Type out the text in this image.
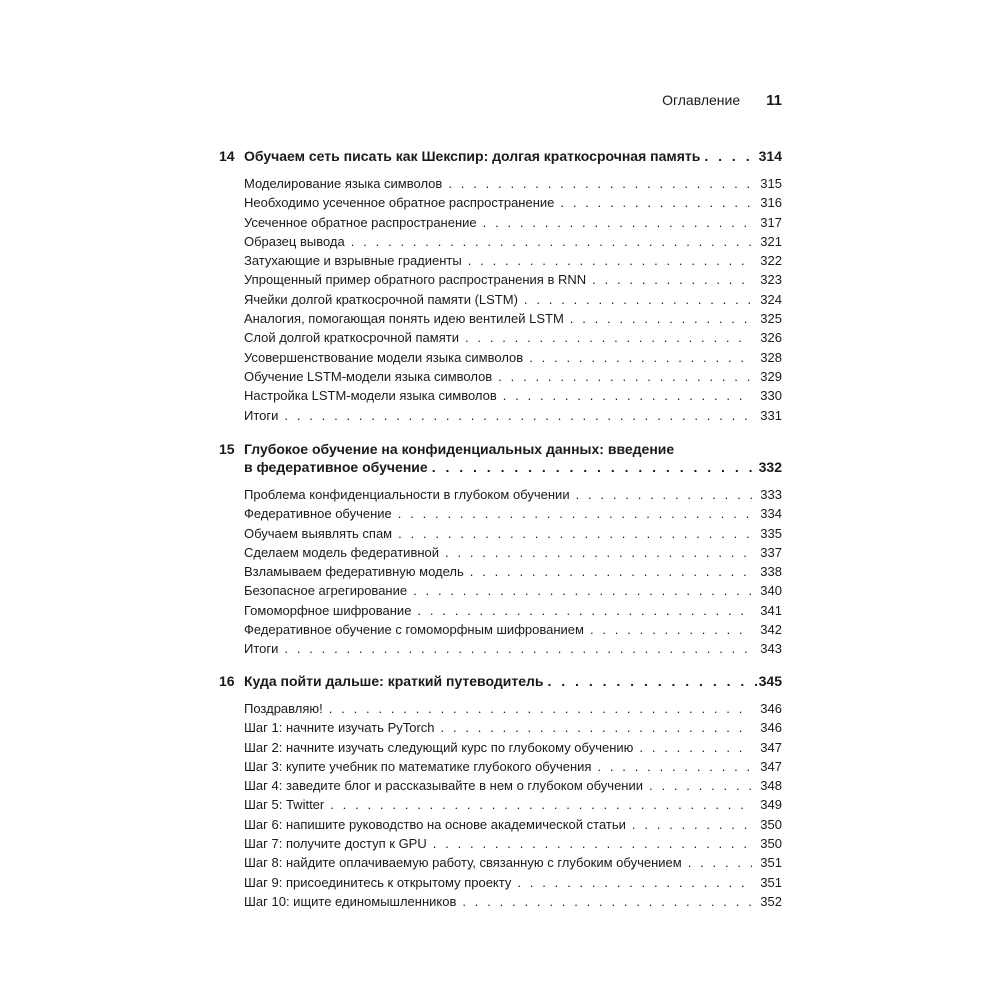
Оглавление 11
14 Обучаем сеть писать как Шекспир: долгая краткосрочная память . . .	314
Моделирование языка символов . . .	315
Необходимо усеченное обратное распространение . . .	316
Усеченное обратное распространение . . .	317
Образец вывода . . .	321
Затухающие и взрывные градиенты . . .	322
Упрощенный пример обратного распространения в RNN . . .	323
Ячейки долгой краткосрочной памяти (LSTM) . . .	324
Аналогия, помогающая понять идею вентилей LSTM . . .	325
Слой долгой краткосрочной памяти . . .	326
Усовершенствование модели языка символов . . .	328
Обучение LSTM-модели языка символов . . .	329
Настройка LSTM-модели языка символов . . .	330
Итоги . . .	331
15 Глубокое обучение на конфиденциальных данных: введение
в федеративное обучение . . .	332
Проблема конфиденциальности в глубоком обучении . . .	333
Федеративное обучение . . .	334
Обучаем выявлять спам . . .	335
Сделаем модель федеративной . . .	337
Взламываем федеративную модель . . .	338
Безопасное агрегирование . . .	340
Гомоморфное шифрование . . .	341
Федеративное обучение с гомоморфным шифрованием . . .	342
Итоги . . .	343
16 Куда пойти дальше: краткий путеводитель . . .	345
Поздравляю! . . .	346
Шаг 1: начните изучать PyTorch . . .	346
Шаг 2: начните изучать следующий курс по глубокому обучению . . .	347
Шаг 3: купите учебник по математике глубокого обучения . . .	347
Шаг 4: заведите блог и рассказывайте в нем о глубоком обучении . . .	348
Шаг 5: Twitter . . .	349
Шаг 6: напишите руководство на основе академической статьи . . .	350
Шаг 7: получите доступ к GPU . . .	350
Шаг 8: найдите оплачиваемую работу, связанную с глубоким обучением . . .	351
Шаг 9: присоединитесь к открытому проекту . . .	351
Шаг 10: ищите единомышленников . . .	352
